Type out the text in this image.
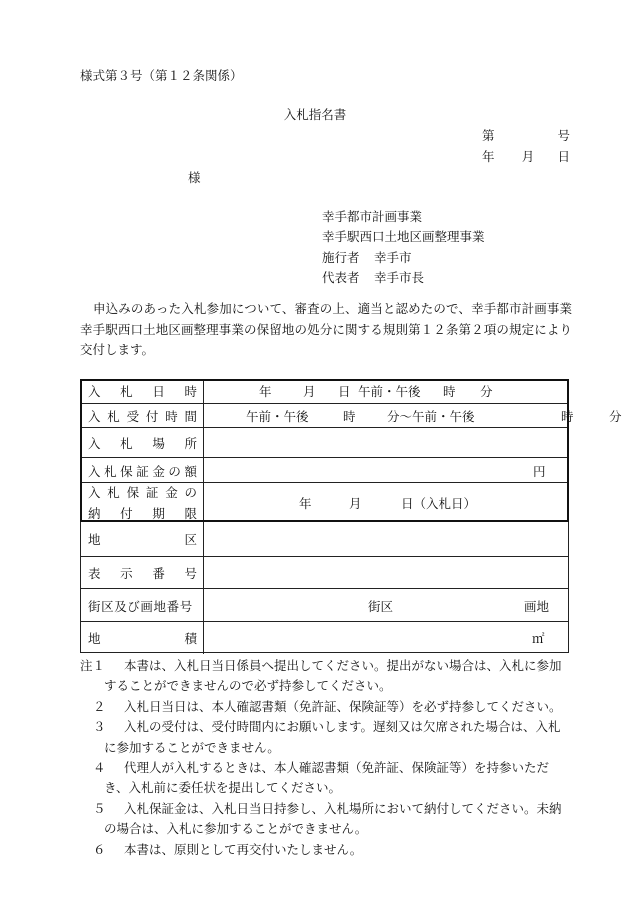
様式第３号（第１２条関係）
入札指名書
第	号
年 月 日
様
幸手都市計画事業
幸手駅西口土地区画整理事業
施行者 幸手市
代表者 幸手市長
申込みのあった入札参加について、審査の上、適当と認めたので、幸手都市計画事業幸手駅西口土地区画整理事業の保留地の処分に関する規則第１２条第２項の規定により交付します。
入 札 日 時	年	月 日 午前・午後 時 分
入 札 受 付 時 間	午前・午後	時	分〜午前・午後	時	分
入 札 場 所
入 札 保 証 金 の 額	円
入 札 保 証 金 の
納 付 期 限
年	月	日（入札日）
地	区
表 示 番 号
街区及び画地番号	街区	画地
地	積	㎡
注１	本書は、入札日当日係員へ提出してください。提出がない場合は、入札に参加することができませんので必ず持参してください。
２	入札日当日は、本人確認書類（免許証、保険証等）を必ず持参してください。
３	入札の受付は、受付時間内にお願いします。遅刻又は欠席された場合は、入札に参加することができません。
４	代理人が入札するときは、本人確認書類（免許証、保険証等）を持参いただき、入札前に委任状を提出してください。
５	入札保証金は、入札日当日持参し、入札場所において納付してください。未納の場合は、入札に参加することができません。
６	本書は、原則として再交付いたしません。
